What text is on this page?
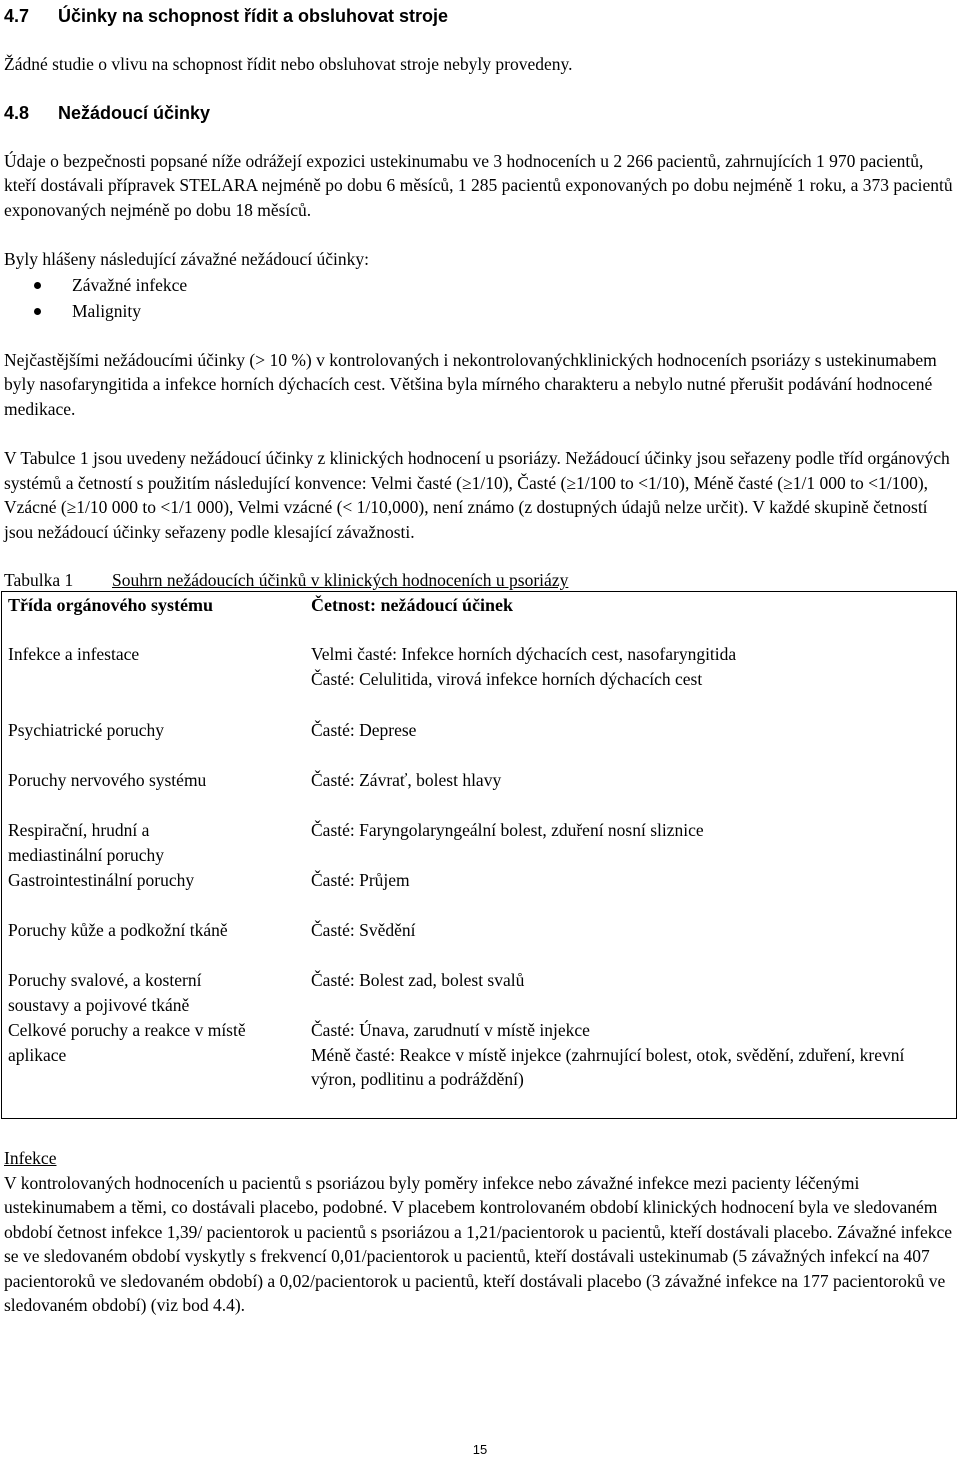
4.7 Účinky na schopnost řídit a obsluhovat stroje

Žádné studie o vlivu na schopnost řídit nebo obsluhovat stroje nebyly provedeny.

4.8 Nežádoucí účinky

Údaje o bezpečnosti popsané níže odrážejí expozici ustekinumabu ve 3 hodnoceních u 2 266 pacientů, zahrnujících 1 970 pacientů, kteří dostávali přípravek STELARA nejméně po dobu 6 měsíců, 1 285 pacientů exponovaných po dobu nejméně 1 roku, a 373 pacientů exponovaných nejméně po dobu 18 měsíců.

Byly hlášeny následující závažné nežádoucí účinky:

Závažné infekce
Malignity

Nejčastějšími nežádoucími účinky (> 10 %) v kontrolovaných i nekontrolovanýchklinických hodnoceních psoriázy s ustekinumabem byly nasofaryngitida a infekce horních dýchacích cest. Většina byla mírného charakteru a nebylo nutné přerušit podávání hodnocené medikace.

V Tabulce 1 jsou uvedeny nežádoucí účinky z klinických hodnocení u psoriázy. Nežádoucí účinky jsou seřazeny podle tříd orgánových systémů a četností s použitím následující konvence: Velmi časté (≥1/10), Časté (≥1/100 to <1/10), Méně časté (≥1/1 000 to <1/100), Vzácné (≥1/10 000 to <1/1 000), Velmi vzácné (< 1/10,000), není známo (z dostupných údajů nelze určit). V každé skupině četností jsou nežádoucí účinky seřazeny podle klesající závažnosti.

Tabulka 1 Souhrn nežádoucích účinků v klinických hodnoceních u psoriázy
Třída orgánového systému	Četnost: nežádoucí účinek
Infekce a infestace	Velmi časté: Infekce horních dýchacích cest, nasofaryngitida
Časté: Celulitida, virová infekce horních dýchacích cest

Psychiatrické poruchy	Časté: Deprese

Poruchy nervového systému	Časté: Závrať, bolest hlavy

Respirační, hrudní a mediastinální poruchy	Časté: Faryngolaryngeální bolest, zduření nosní sliznice

Gastrointestinální poruchy	Časté: Průjem

Poruchy kůže a podkožní tkáně	Časté: Svědění

Poruchy svalové, a kosterní soustavy a pojivové tkáně	Časté: Bolest zad, bolest svalů

Celkové poruchy a reakce v místě aplikace	Časté: Únava, zarudnutí v místě injekce
Méně časté: Reakce v místě injekce (zahrnující bolest, otok, svědění, zduření, krevní výron, podlitinu a podráždění)

Infekce

V kontrolovaných hodnoceních u pacientů s psoriázou byly poměry infekce nebo závažné infekce mezi pacienty léčenými ustekinumabem a těmi, co dostávali placebo, podobné. V placebem kontrolovaném období klinických hodnocení byla ve sledovaném období četnost infekce 1,39/ pacientorok u pacientů s psoriázou a 1,21/pacientorok u pacientů, kteří dostávali placebo. Závažné infekce se ve sledovaném období vyskytly s frekvencí 0,01/pacientorok u pacientů, kteří dostávali ustekinumab (5 závažných infekcí na 407 pacientoroků ve sledovaném období) a 0,02/pacientorok u pacientů, kteří dostávali placebo (3 závažné infekce na 177 pacientoroků ve sledovaném období) (viz bod 4.4).

15
